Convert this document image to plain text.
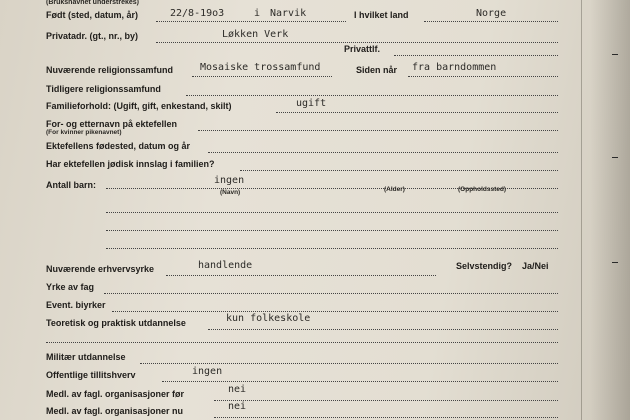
(Bruksnavnet understrekes)
Født (sted, datum, år)	22/8-19o3	i Narvik	I hvilket land	Norge
Privatadr. (gt., nr., by)	Løkken Verk
Privattlf.
Nuværende religionssamfund	Mosaiske trossamfund	Siden når fra barndommen
Tidligere religionssamfund
Familieforhold: (Ugift, gift, enkestand, skilt)	ugift
For- og etternavn på ektefellen
(For kvinner pikenavnet)
Ektefellens fødested, datum og år
Har ektefellen jødisk innslag i familien?
Antall barn:	ingen
(Navn)	(Alder)	(Oppholdssted)
Nuværende erhvervsyrke	handlende	Selvstendig? Ja/Nei
Yrke av fag
Event. biyrker
Teoretisk og praktisk utdannelse	kun folkeskole
Militær utdannelse
Offentlige tillitshverv	ingen
Medl. av fagl. organisasjoner før	nei
Medl. av fagl. organisasjoner nu	nei
